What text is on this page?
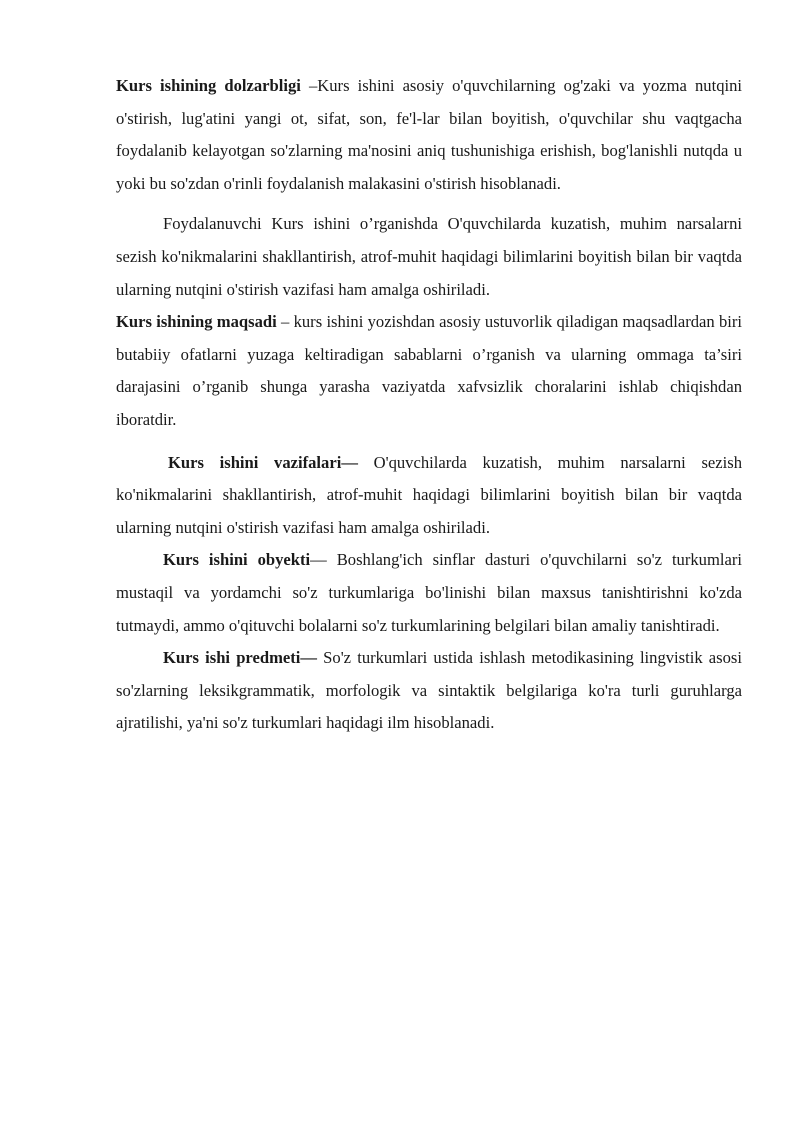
Kurs ishining dolzarbligi –Kurs ishini asosiy o'quvchilarning og'zaki va yozma nutqini o'stirish, lug'atini yangi ot, sifat, son, fe'l-lar bilan boyitish, o'quvchilar shu vaqtgacha foydalanib kelayotgan so'zlarning ma'nosini aniq tushunishiga erishish, bog'lanishli nutqda u yoki bu so'zdan o'rinli foydalanish malakasini o'stirish hisoblanadi.

Foydalanuvchi Kurs ishini o’rganishda O'quvchilarda kuzatish, muhim narsalarni sezish ko'nikmalarini shakllantirish, atrof-muhit haqidagi bilimlarini boyitish bilan bir vaqtda ularning nutqini o'stirish vazifasi ham amalga oshiriladi.

Kurs ishining maqsadi – kurs ishini yozishdan asosiy ustuvorlik qiladigan maqsadlardan biri butabiiy ofatlarni yuzaga keltiradigan sabablarni o’rganish va ularning ommaga ta’siri darajasini o’rganib shunga yarasha vaziyatda xafvsizlik choralarini ishlab chiqishdan iboratdir.

Kurs ishini vazifalari— O'quvchilarda kuzatish, muhim narsalarni sezish ko'nikmalarini shakllantirish, atrof-muhit haqidagi bilimlarini boyitish bilan bir vaqtda ularning nutqini o'stirish vazifasi ham amalga oshiriladi.

Kurs ishini obyekti— Boshlang'ich sinflar dasturi o'quvchilarni so'z turkumlari mustaqil va yordamchi so'z turkumlariga bo'linishi bilan maxsus tanishtirishni ko'zda tutmaydi, ammo o'qituvchi bolalarni so'z turkumlarining belgilari bilan amaliy tanishtiradi.

Kurs ishi predmeti— So'z turkumlari ustida ishlash metodikasining lingvistik asosi so'zlarning leksikgrammatik, morfologik va sintaktik belgilariga ko'ra turli guruhlarga ajratilishi, ya'ni so'z turkumlari haqidagi ilm hisoblanadi.
